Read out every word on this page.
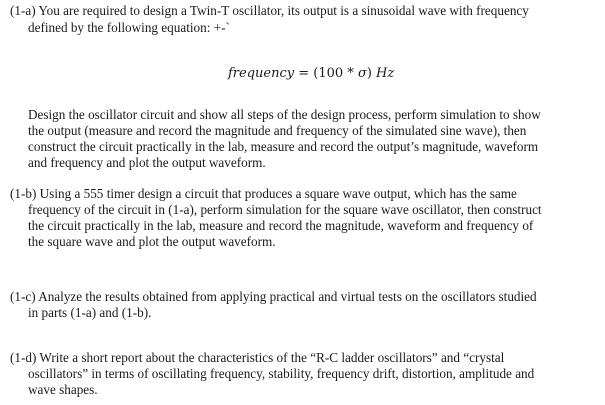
(1-a) You are required to design a Twin-T oscillator, its output is a sinusoidal wave with frequency
defined by the following equation: +-`
frequency = (100 * σ) Hz
Design the oscillator circuit and show all steps of the design process, perform simulation to show
the output (measure and record the magnitude and frequency of the simulated sine wave), then
construct the circuit practically in the lab, measure and record the output’s magnitude, waveform
and frequency and plot the output waveform.
(1-b) Using a 555 timer design a circuit that produces a square wave output, which has the same
frequency of the circuit in (1-a), perform simulation for the square wave oscillator, then construct
the circuit practically in the lab, measure and record the magnitude, waveform and frequency of
the square wave and plot the output waveform.
(1-c) Analyze the results obtained from applying practical and virtual tests on the oscillators studied
in parts (1-a) and (1-b).
(1-d) Write a short report about the characteristics of the “R-C ladder oscillators” and “crystal
oscillators” in terms of oscillating frequency, stability, frequency drift, distortion, amplitude and
wave shapes.
